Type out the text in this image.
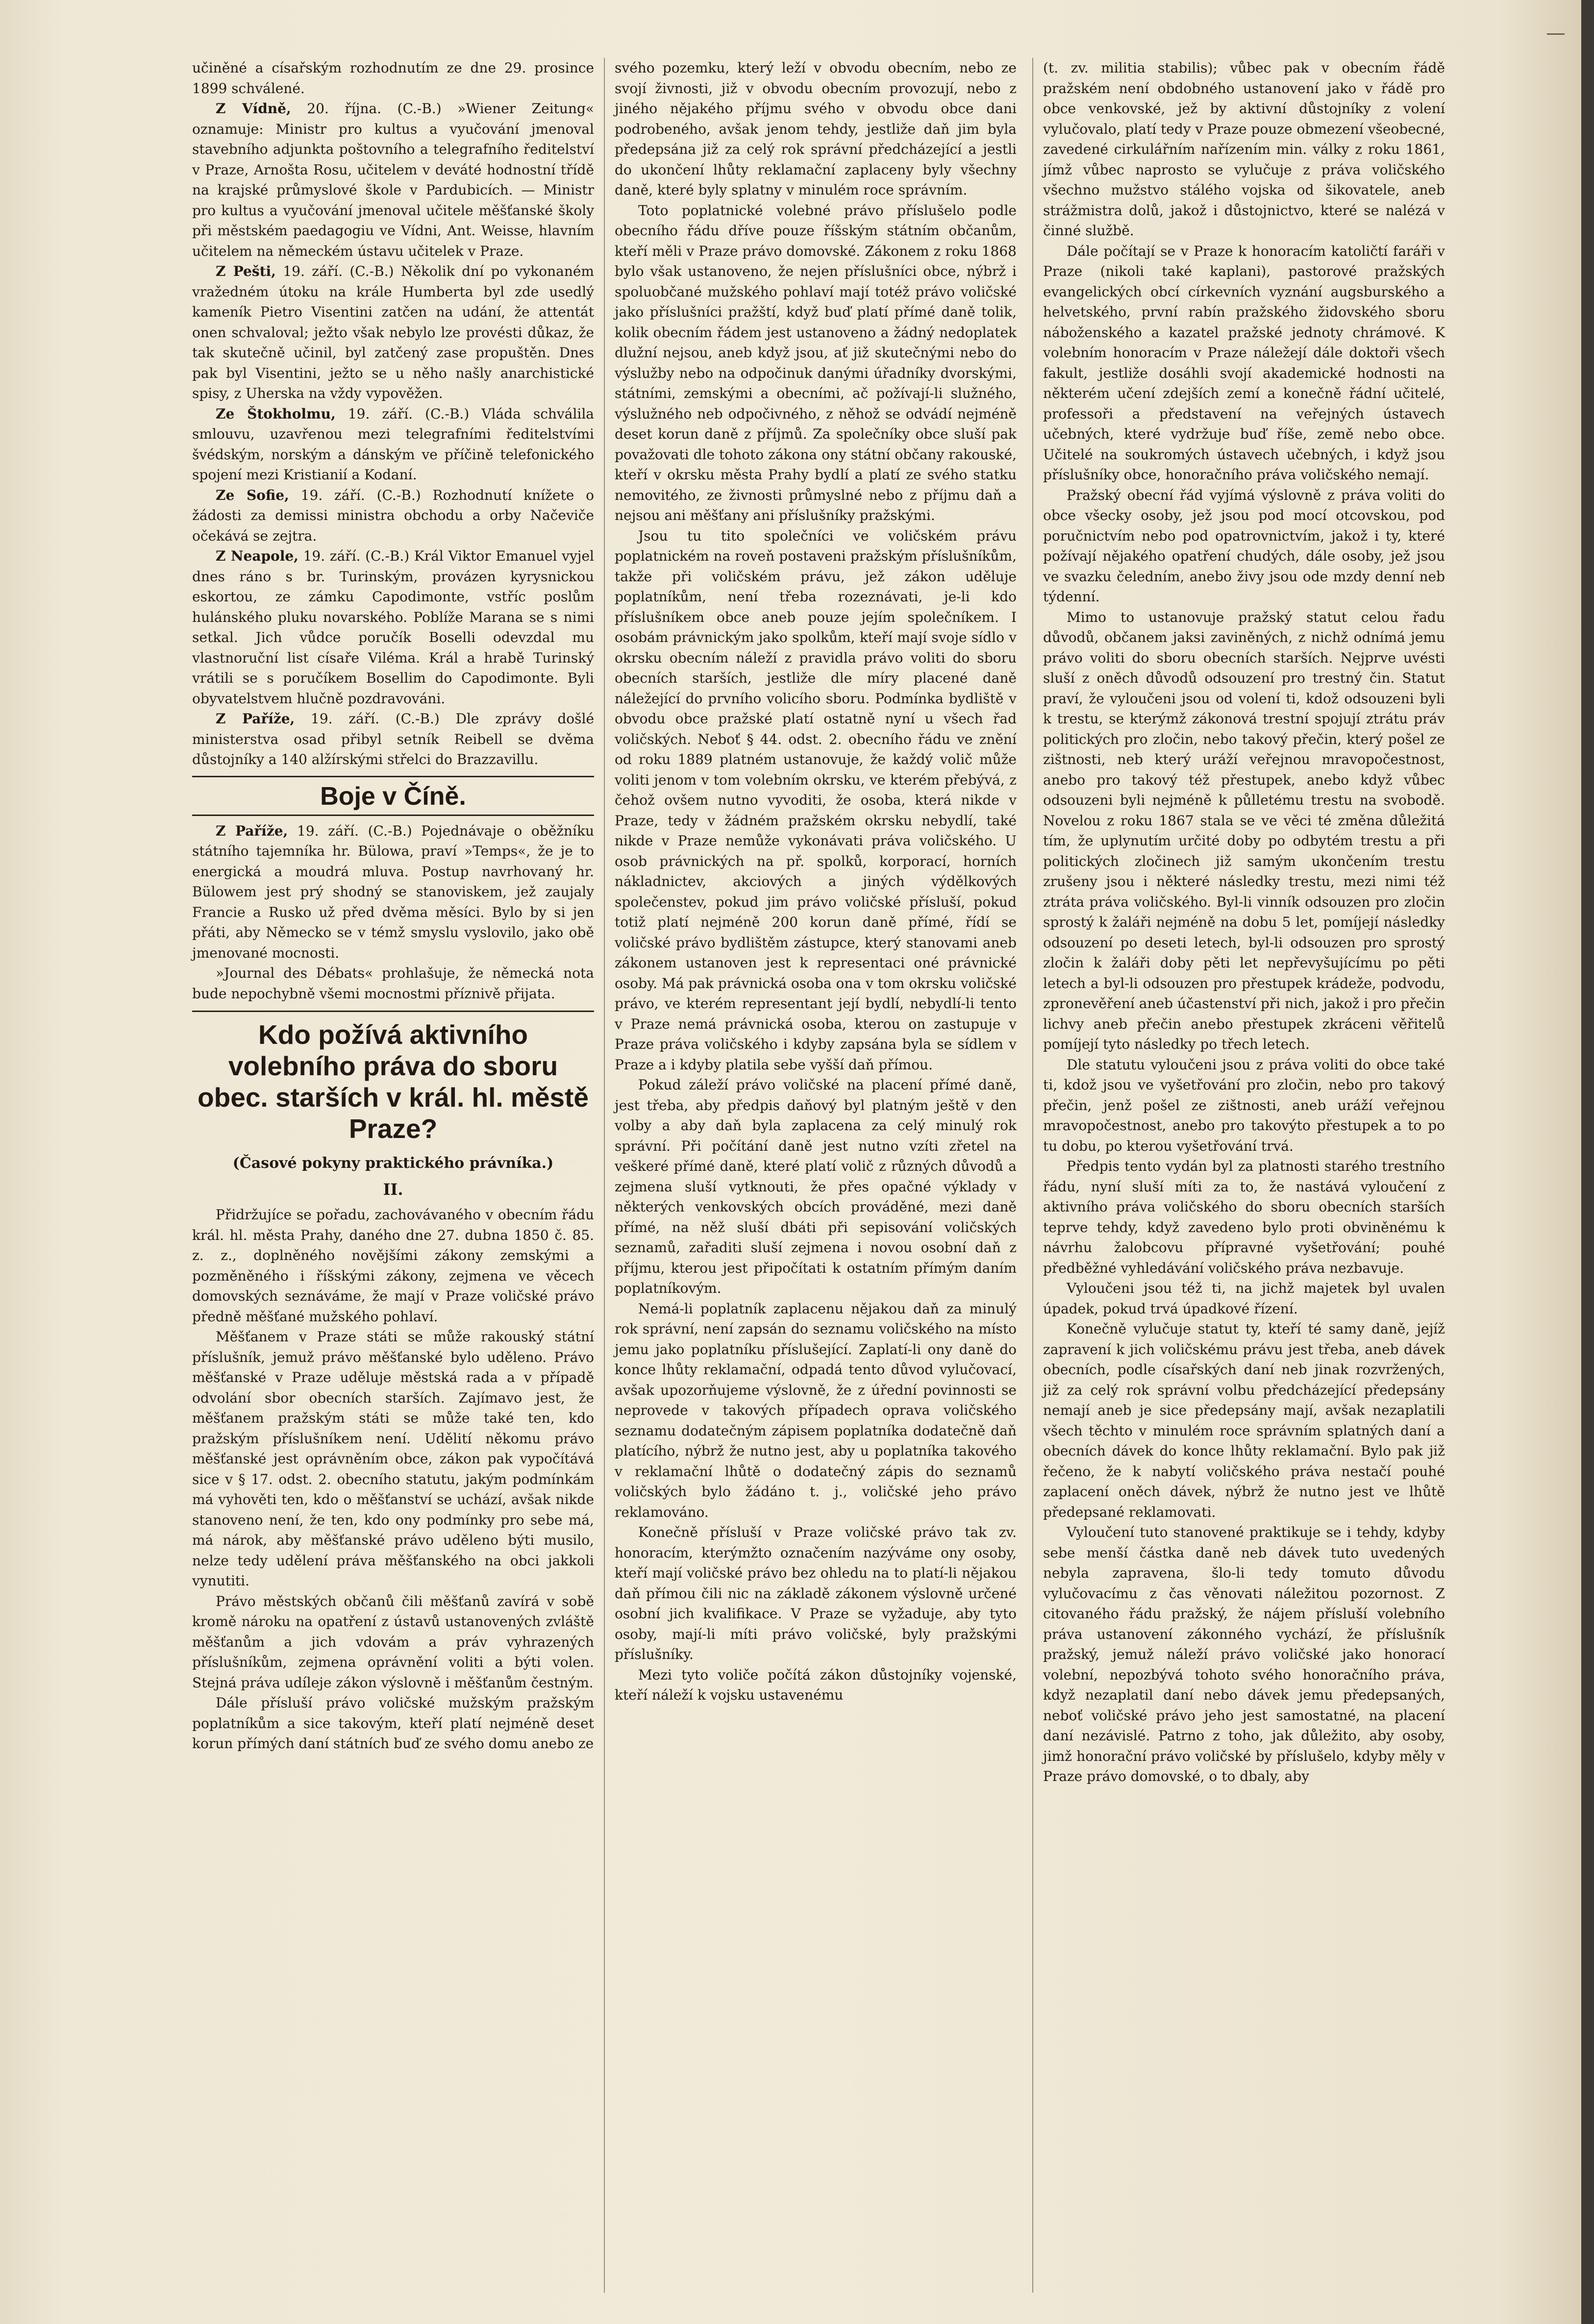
učiněné a císařským rozhodnutím ze dne 29. prosince 1899 schválené.

Z Vídně, 20. října. (C.-B.) »Wiener Zeitung« oznamuje: Ministr pro kultus a vyučování jmenoval stavebního adjunkta poštovního a telegrafního ředitelství v Praze, Arnošta Rosu, učitelem v deváté hodnostní třídě na krajské průmyslové škole v Pardubicích. — Ministr pro kultus a vyučování jmenoval učitele měšťanské školy při městském paedagogiu ve Vídni, Ant. Weisse, hlavním učitelem na německém ústavu učitelek v Praze.

Z Pešti, 19. září. (C.-B.) Několik dní po vykonaném vražedném útoku na krále Humberta byl zde usedlý kameník Pietro Visentini zatčen na udání, že attentát onen schvaloval; ježto však nebylo lze provésti důkaz, že tak skutečně učinil, byl zatčený zase propuštěn. Dnes pak byl Visentini, ježto se u něho našly anarchistické spisy, z Uherska na vždy vypověžen.

Ze Štokholmu, 19. září. (C.-B.) Vláda schválila smlouvu, uzavřenou mezi telegrafními ředitelstvími švédským, norským a dánským ve příčině telefonického spojení mezi Kristianií a Kodaní.

Ze Sofie, 19. září. (C.-B.) Rozhodnutí knížete o žádosti za demissi ministra obchodu a orby Načeviče očekává se zejtra.

Z Neapole, 19. září. (C.-B.) Král Viktor Emanuel vyjel dnes ráno s br. Turinským, provázen kyrysnickou eskortou, ze zámku Capodimonte, vstříc poslům hulánského pluku novarského. Poblíže Marana se s nimi setkal. Jich vůdce poručík Boselli odevzdal mu vlastnoruční list císaře Viléma. Král a hrabě Turinský vrátili se s poručíkem Bosellim do Capodimonte. Byli obyvatelstvem hlučně pozdravováni.

Z Paříže, 19. září. (C.-B.) Dle zprávy došlé ministerstva osad přibyl setník Reibell se dvěma důstojníky a 140 alžírskými střelci do Brazzavillu.

Boje v Číně.

Z Paříže, 19. září. (C.-B.) Pojednávaje o oběžníku státního tajemníka hr. Bülowa, praví »Temps«, že je to energická a moudrá mluva. Postup navrhovaný hr. Bülowem jest prý shodný se stanoviskem, jež zaujaly Francie a Rusko už před dvěma měsíci. Bylo by si jen přáti, aby Německo se v témž smyslu vyslovilo, jako obě jmenované mocnosti.

»Journal des Débats« prohlašuje, že německá nota bude nepochybně všemi mocnostmi příznivě přijata.

Kdo požívá aktivního volebního práva do sboru obec. starších v král. hl. městě Praze?
(Časové pokyny praktického právníka.)
II.

Přidržujíce se pořadu, zachovávaného v obecním řádu král. hl. města Prahy, daného dne 27. dubna 1850 č. 85. z. z., doplněného novějšími zákony zemskými a pozměněného i říšskými zákony, zejmena ve věcech domovských seznáváme, že mají v Praze voličské právo předně měšťané mužského pohlaví.

Měšťanem v Praze státi se může rakouský státní příslušník, jemuž právo měšťanské bylo uděleno. Právo měšťanské v Praze uděluje městská rada a v případě odvolání sbor obecních starších. Zajímavo jest, že měšťanem pražským státi se může také ten, kdo pražským příslušníkem není. Udělití někomu právo měšťanské jest oprávněním obce, zákon pak vypočítává sice v § 17. odst. 2. obecního statutu, jakým podmínkám má vyhověti ten, kdo o měšťanství se uchází, avšak nikde stanoveno není, že ten, kdo ony podmínky pro sebe má, má nárok, aby měšťanské právo uděleno býti musilo, nelze tedy udělení práva měšťanského na obci jakkoli vynutiti.

Právo městských občanů čili měšťanů zavírá v sobě kromě nároku na opatření z ústavů ustanovených zvláště měšťanům a jich vdovám a práv vyhrazených příslušníkům, zejmena oprávnění voliti a býti volen. Stejná práva udíleje zákon výslovně i měšťanům čestným.

Dále přísluší právo voličské mužským pražským poplatníkům a sice takovým, kteří platí nejméně deset korun přímých daní státních buď ze svého domu anebo ze

svého pozemku, který leží v obvodu obecním, nebo ze svojí živnosti, již v obvodu obecním provozují, nebo z jiného nějakého příjmu svého v obvodu obce dani podrobeného, avšak jenom tehdy, jestliže daň jim byla předepsána již za celý rok správní předcházející a jestli do ukončení lhůty reklamační zaplaceny byly všechny daně, které byly splatny v minulém roce správním.

Toto poplatnické volebné právo příslušelo podle obecního řádu dříve pouze říšským státním občanům, kteří měli v Praze právo domovské. Zákonem z roku 1868 bylo však ustanoveno, že nejen příslušníci obce, nýbrž i spoluobčané mužského pohlaví mají totéž právo voličské jako příslušníci pražští, když buď platí přímé daně tolik, kolik obecním řádem jest ustanoveno a žádný nedoplatek dlužní nejsou, aneb když jsou, ať již skutečnými nebo do výslužby nebo na odpočinuk danými úřadníky dvorskými, státními, zemskými a obecními, ač požívají-li služného, výslužného neb odpočivného, z něhož se odvádí nejméně deset korun daně z příjmů. Za společníky obce sluší pak považovati dle tohoto zákona ony státní občany rakouské, kteří v okrsku města Prahy bydlí a platí ze svého statku nemovitého, ze živnosti průmyslné nebo z příjmu daň a nejsou ani měšťany ani příslušníky pražskými.

Jsou tu tito společníci ve voličském právu poplatnickém na roveň postaveni pražským příslušníkům, takže při voličském právu, jež zákon uděluje poplatníkům, není třeba rozeznávati, je-li kdo příslušníkem obce aneb pouze jejím společníkem. I osobám právnickým jako spolkům, kteří mají svoje sídlo v okrsku obecním náleží z pravidla právo voliti do sboru obecních starších, jestliže dle míry placené daně náležející do prvního volicího sboru. Podmínka bydliště v obvodu obce pražské platí ostatně nyní u všech řad voličských. Neboť § 44. odst. 2. obecního řádu ve znění od roku 1889 platném ustanovuje, že každý volič může voliti jenom v tom volebním okrsku, ve kterém přebývá, z čehož ovšem nutno vyvoditi, že osoba, která nikde v Praze, tedy v žádném pražském okrsku nebydlí, také nikde v Praze nemůže vykonávati práva voličského. U osob právnických na př. spolků, korporací, horních nákladnictev, akciových a jiných výdělkových společenstev, pokud jim právo voličské přísluší, pokud totiž platí nejméně 200 korun daně přímé, řídí se voličské právo bydlištěm zástupce, který stanovami aneb zákonem ustanoven jest k representaci oné právnické osoby. Má pak právnická osoba ona v tom okrsku voličské právo, ve kterém representant její bydlí, nebydlí-li tento v Praze nemá právnická osoba, kterou on zastupuje v Praze práva voličského i kdyby zapsána byla se sídlem v Praze a i kdyby platila sebe vyšší daň přímou.

Pokud záleží právo voličské na placení přímé daně, jest třeba, aby předpis daňový byl platným ještě v den volby a aby daň byla zaplacena za celý minulý rok správní. Při počítání daně jest nutno vzíti zřetel na veškeré přímé daně, které platí volič z různých důvodů a zejmena sluší vytknouti, že přes opačné výklady v některých venkovských obcích prováděné, mezi daně přímé, na něž sluší dbáti při sepisování voličských seznamů, zařaditi sluší zejmena i novou osobní daň z příjmu, kterou jest připočítati k ostatním přímým daním poplatníkovým.

Nemá-li poplatník zaplacenu nějakou daň za minulý rok správní, není zapsán do seznamu voličského na místo jemu jako poplatníku příslušející. Zaplatí-li ony daně do konce lhůty reklamační, odpadá tento důvod vylučovací, avšak upozorňujeme výslovně, že z úřední povinnosti se neprovede v takových případech oprava voličského seznamu dodatečným zápisem poplatníka dodatečně daň platícího, nýbrž že nutno jest, aby u poplatníka takového v reklamační lhůtě o dodatečný zápis do seznamů voličských bylo žádáno t. j., voličské jeho právo reklamováno.

Konečně přísluší v Praze voličské právo tak zv. honoracím, kterýmžto označením nazýváme ony osoby, kteří mají voličské právo bez ohledu na to platí-li nějakou daň přímou čili nic na základě zákonem výslovně určené osobní jich kvalifikace. V Praze se vyžaduje, aby tyto osoby, mají-li míti právo voličské, byly pražskými příslušníky.

Mezi tyto voliče počítá zákon důstojníky vojenské, kteří náleží k vojsku ustavenému

(t. zv. militia stabilis); vůbec pak v obecním řádě pražském není obdobného ustanovení jako v řádě pro obce venkovské, jež by aktivní důstojníky z volení vylučovalo, platí tedy v Praze pouze obmezení všeobecné, zavedené cirkulářním nařízením min. války z roku 1861, jímž vůbec naprosto se vylučuje z práva voličského všechno mužstvo stálého vojska od šikovatele, aneb strážmistra dolů, jakož i důstojnictvo, které se nalézá v činné službě.

Dále počítají se v Praze k honoracím katoličtí faráři v Praze (nikoli také kaplani), pastorové pražských evangelických obcí církevních vyznání augsburského a helvetského, první rabín pražského židovského sboru náboženského a kazatel pražské jednoty chrámové. K volebním honoracím v Praze náležejí dále doktoři všech fakult, jestliže dosáhli svojí akademické hodnosti na některém učení zdejších zemí a konečně řádní učitelé, professoři a představení na veřejných ústavech učebných, které vydržuje buď říše, země nebo obce. Učitelé na soukromých ústavech učebných, i když jsou příslušníky obce, honoračního práva voličského nemají.

Pražský obecní řád vyjímá výslovně z práva voliti do obce všecky osoby, jež jsou pod mocí otcovskou, pod poručnictvím nebo pod opatrovnictvím, jakož i ty, které požívají nějakého opatření chudých, dále osoby, jež jsou ve svazku čeledním, anebo živy jsou ode mzdy denní neb týdenní.

Mimo to ustanovuje pražský statut celou řadu důvodů, občanem jaksi zaviněných, z nichž odnímá jemu právo voliti do sboru obecních starších. Nejprve uvésti sluší z oněch důvodů odsouzení pro trestný čin. Statut praví, že vyloučeni jsou od volení ti, kdož odsouzeni byli k trestu, se kterýmž zákonová trestní spojují ztrátu práv politických pro zločin, nebo takový přečin, který pošel ze zištnosti, neb který uráží veřejnou mravopočestnost, anebo pro takový též přestupek, anebo když vůbec odsouzeni byli nejméně k půlletému trestu na svobodě. Novelou z roku 1867 stala se ve věci té změna důležitá tím, že uplynutím určité doby po odbytém trestu a při politických zločinech již samým ukončením trestu zrušeny jsou i některé následky trestu, mezi nimi též ztráta práva voličského. Byl-li vinník odsouzen pro zločin sprostý k žaláři nejméně na dobu 5 let, pomíjejí následky odsouzení po deseti letech, byl-li odsouzen pro sprostý zločin k žaláři doby pěti let nepřevyšujícímu po pěti letech a byl-li odsouzen pro přestupek krádeže, podvodu, zpronevěření aneb účastenství při nich, jakož i pro přečin lichvy aneb přečin anebo přestupek zkráceni věřitelů pomíjejí tyto následky po třech letech.

Dle statutu vyloučeni jsou z práva voliti do obce také ti, kdož jsou ve vyšetřování pro zločin, nebo pro takový přečin, jenž pošel ze zištnosti, aneb uráží veřejnou mravopočestnost, anebo pro takovýto přestupek a to po tu dobu, po kterou vyšetřování trvá.

Předpis tento vydán byl za platnosti starého trestního řádu, nyní sluší míti za to, že nastává vyloučení z aktivního práva voličského do sboru obecních starších teprve tehdy, když zavedeno bylo proti obviněnému k návrhu žalobcovu přípravné vyšetřování; pouhé předběžné vyhledávání voličského práva nezbavuje.

Vyloučeni jsou též ti, na jichž majetek byl uvalen úpadek, pokud trvá úpadkové řízení.

Konečně vylučuje statut ty, kteří té samy daně, jejíž zapravení k jich voličskému právu jest třeba, aneb dávek obecních, podle císařských daní neb jinak rozvržených, již za celý rok správní volbu předcházející předepsány nemají aneb je sice předepsány mají, avšak nezaplatili všech těchto v minulém roce správním splatných daní a obecních dávek do konce lhůty reklamační. Bylo pak již řečeno, že k nabytí voličského práva nestačí pouhé zaplacení oněch dávek, nýbrž že nutno jest ve lhůtě předepsané reklamovati.

Vyloučení tuto stanovené praktikuje se i tehdy, kdyby sebe menší částka daně neb dávek tuto uvedených nebyla zapravena, šlo-li tedy tomuto důvodu vylučovacímu z čas věnovati náležitou pozornost. Z citovaného řádu pražský, že nájem přísluší volebního práva ustanovení zákonného vychází, že příslušník pražský, jemuž náleží právo voličské jako honorací volební, nepozbývá tohoto svého honoračního práva, když nezaplatil daní nebo dávek jemu předepsaných, neboť voličské právo jeho jest samostatné, na placení daní nezávislé. Patrno z toho, jak důležito, aby osoby, jimž honorační právo voličské by příslušelo, kdyby měly v Praze právo domovské, o to dbaly, aby
